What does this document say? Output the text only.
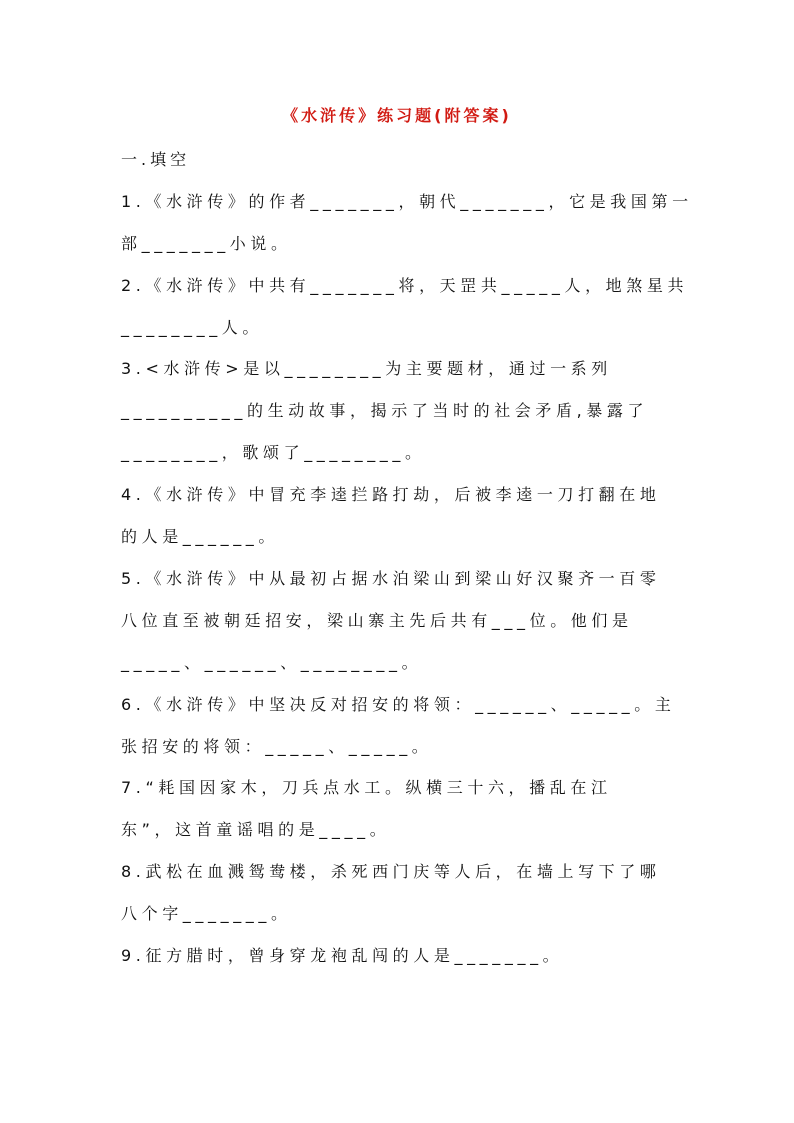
《水浒传》练习题(附答案)
一.填空
1.《水浒传》的作者_______，朝代_______，它是我国第一
部_______小说。
2.《水浒传》中共有_______将，天罡共_____人，地煞星共
________人。
3.<水浒传>是以________为主要题材，通过一系列
__________的生动故事，揭示了当时的社会矛盾,暴露了
________，歌颂了________。
4.《水浒传》中冒充李逵拦路打劫，后被李逵一刀打翻在地
的人是______。
5.《水浒传》中从最初占据水泊梁山到梁山好汉聚齐一百零
八位直至被朝廷招安，梁山寨主先后共有___位。他们是
_____、______、________。
6.《水浒传》中坚决反对招安的将领：______、_____。主
张招安的将领：_____、_____。
7.“耗国因家木，刀兵点水工。纵横三十六，播乱在江
东”，这首童谣唱的是____。
8.武松在血溅鸳鸯楼，杀死西门庆等人后，在墙上写下了哪
八个字_______。
9.征方腊时，曾身穿龙袍乱闯的人是_______。
